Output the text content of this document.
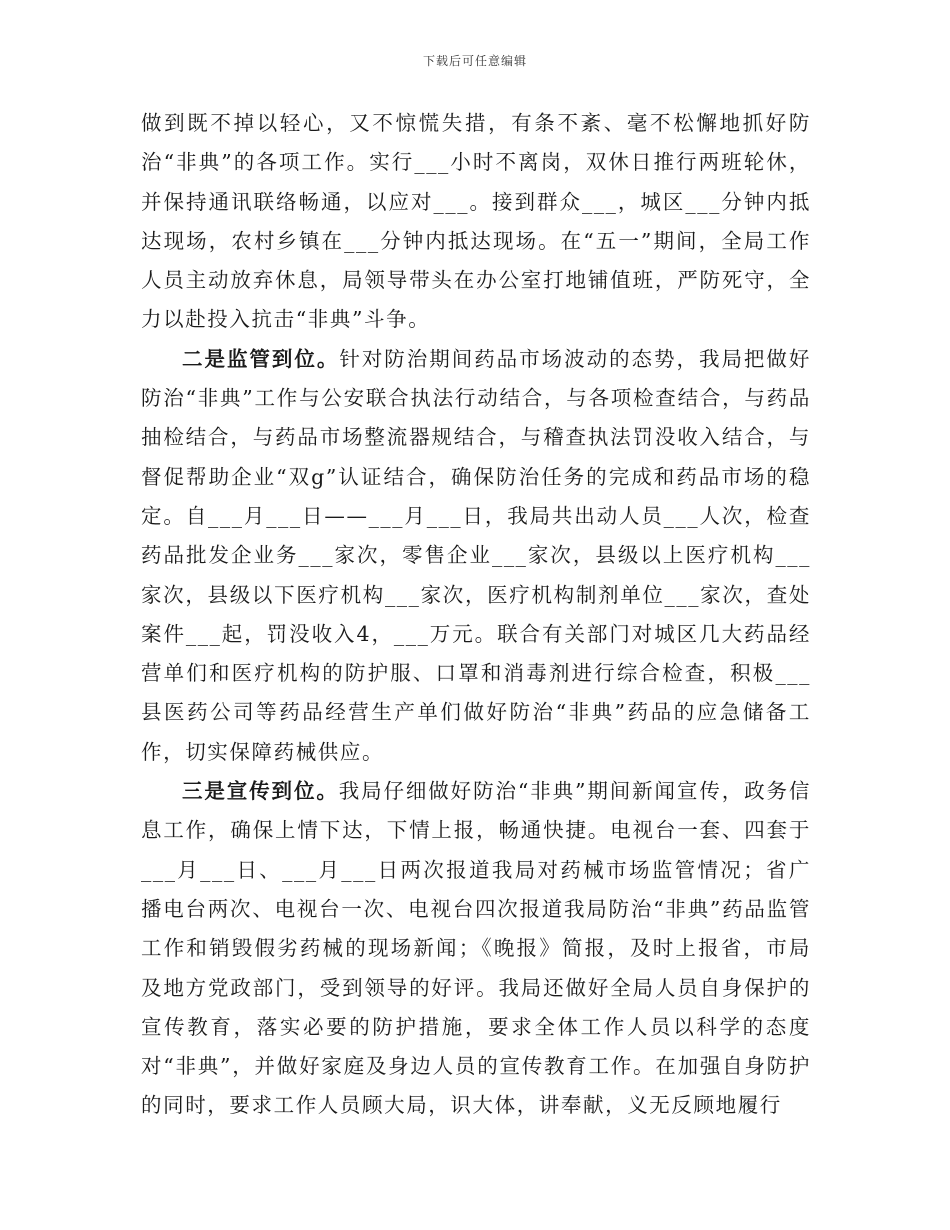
下载后可任意编辑

做到既不掉以轻心，又不惊慌失措，有条不紊、毫不松懈地抓好防治“非典”的各项工作。实行___小时不离岗，双休日推行两班轮休，并保持通讯联络畅通，以应对___。接到群众___，城区___分钟内抵达现场，农村乡镇在___分钟内抵达现场。在“五一”期间，全局工作人员主动放弃休息，局领导带头在办公室打地铺值班，严防死守，全力以赴投入抗击“非典”斗争。

二是监管到位。针对防治期间药品市场波动的态势，我局把做好防治“非典”工作与公安联合执法行动结合，与各项检查结合，与药品抽检结合，与药品市场整流器规结合，与稽查执法罚没收入结合，与督促帮助企业“双g”认证结合，确保防治任务的完成和药品市场的稳定。自___月___日——___月___日，我局共出动人员___人次，检查药品批发企业务___家次，零售企业___家次，县级以上医疗机构___家次，县级以下医疗机构___家次，医疗机构制剂单位___家次，查处案件___起，罚没收入4，___万元。联合有关部门对城区几大药品经营单们和医疗机构的防护服、口罩和消毒剂进行综合检查，积极___县医药公司等药品经营生产单们做好防治“非典”药品的应急储备工作，切实保障药械供应。

三是宣传到位。我局仔细做好防治“非典”期间新闻宣传，政务信息工作，确保上情下达，下情上报，畅通快捷。电视台一套、四套于___月___日、___月___日两次报道我局对药械市场监管情况；省广播电台两次、电视台一次、电视台四次报道我局防治“非典”药品监管工作和销毁假劣药械的现场新闻；《晚报》简报，及时上报省，市局及地方党政部门，受到领导的好评。我局还做好全局人员自身保护的宣传教育，落实必要的防护措施，要求全体工作人员以科学的态度对“非典”，并做好家庭及身边人员的宣传教育工作。在加强自身防护的同时，要求工作人员顾大局，识大体，讲奉献，义无反顾地履行
